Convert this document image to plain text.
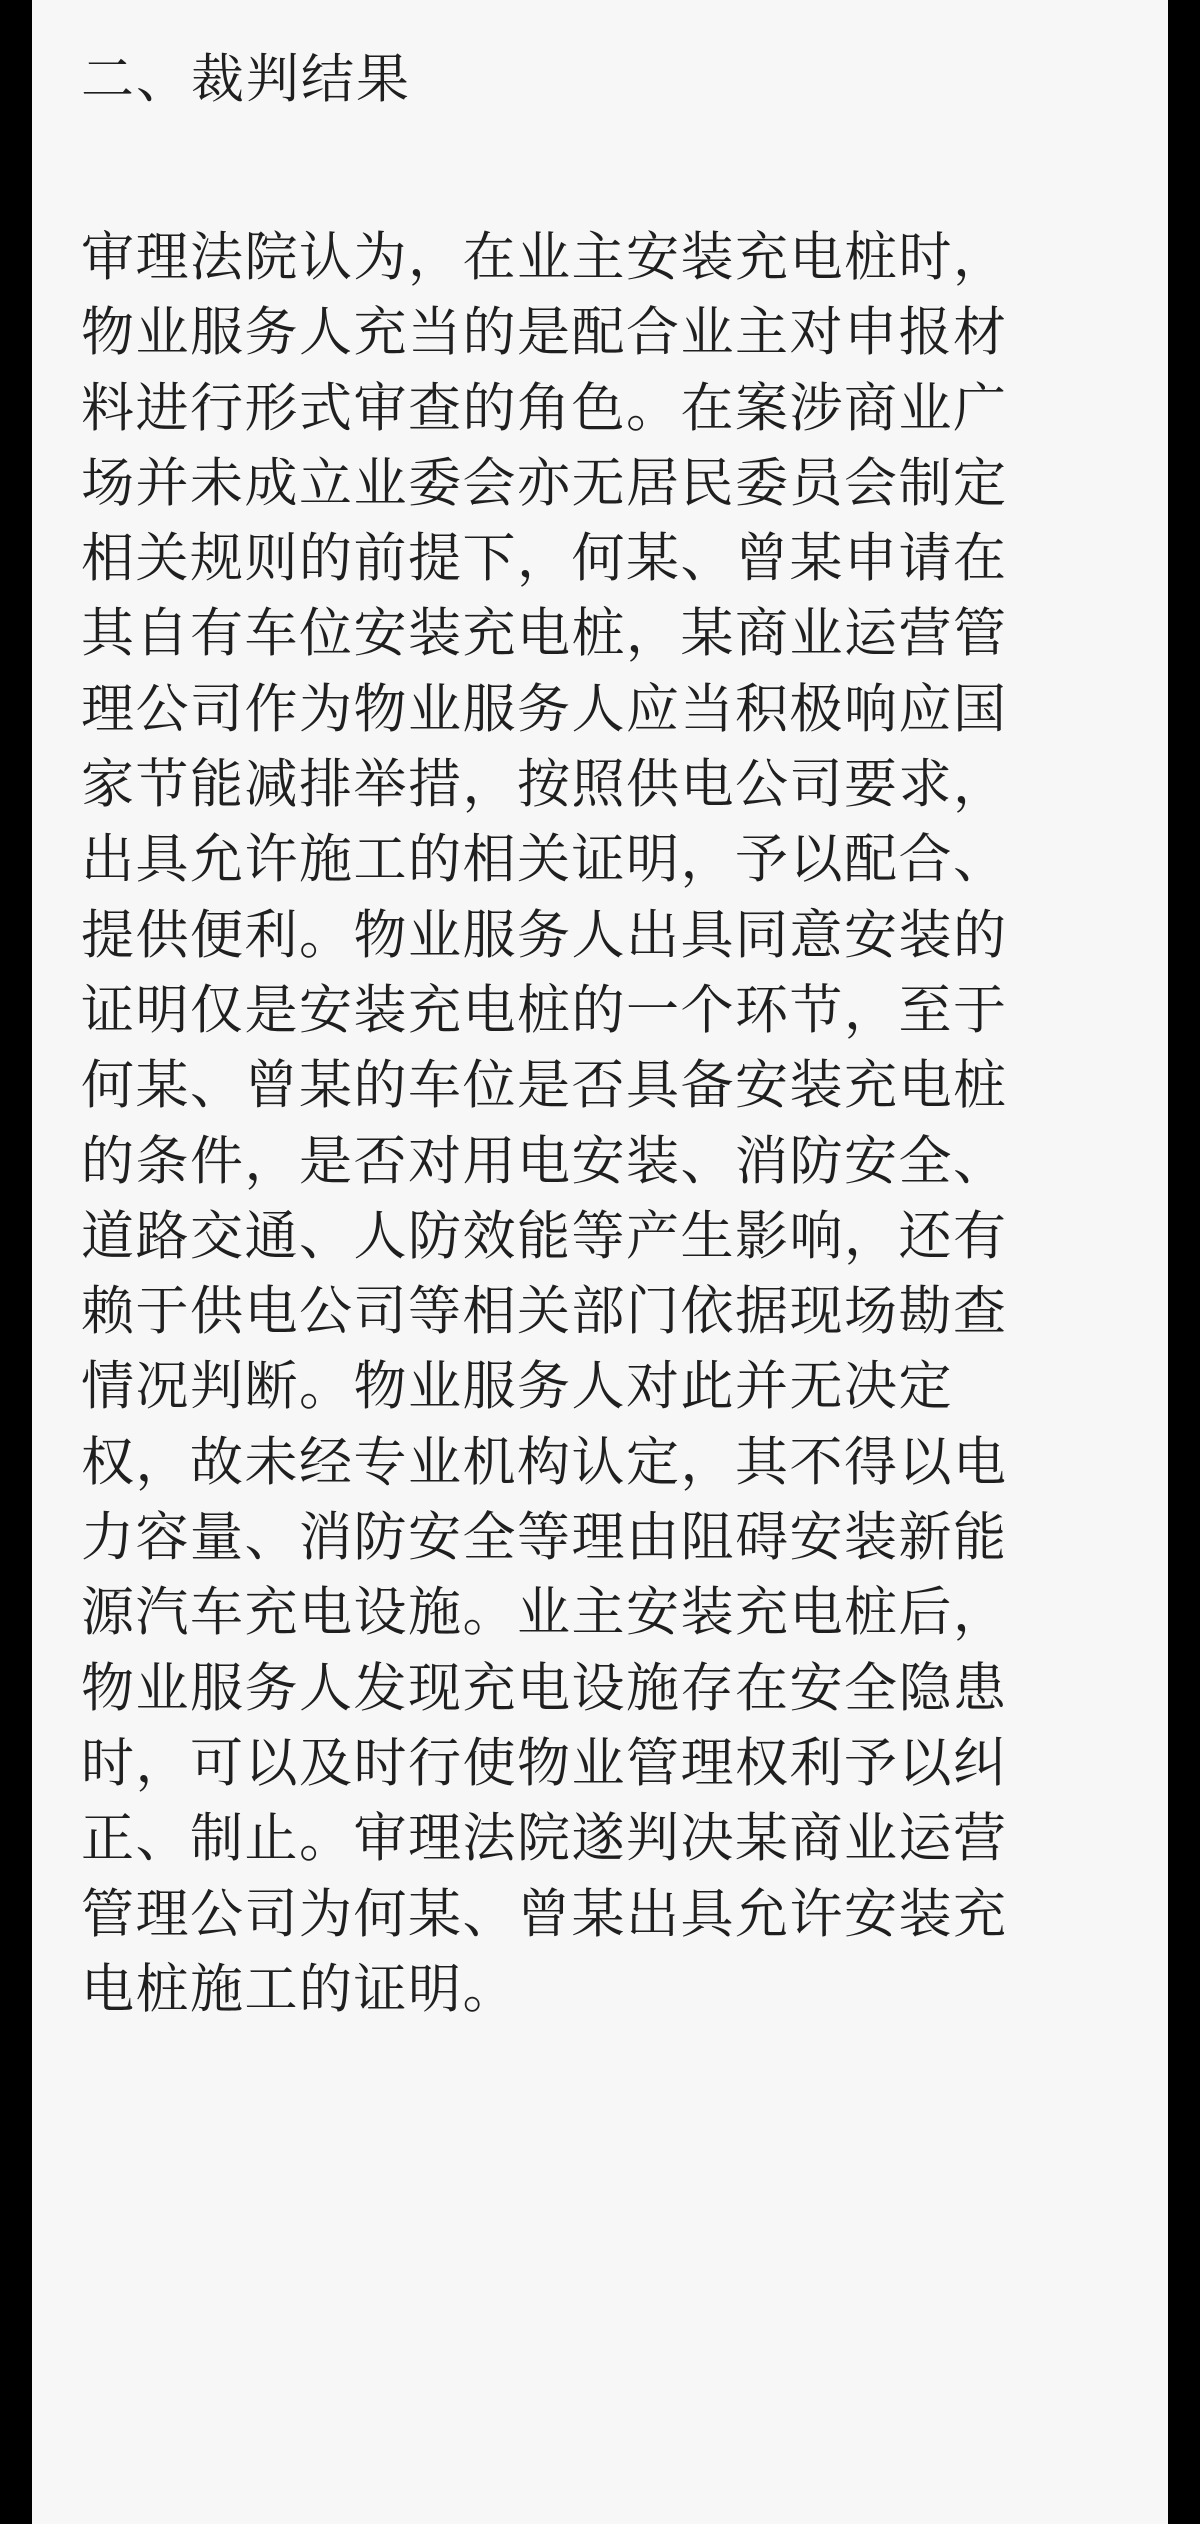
二、裁判结果
审理法院认为，在业主安装充电桩时，
物业服务人充当的是配合业主对申报材
料进行形式审查的角色。在案涉商业广
场并未成立业委会亦无居民委员会制定
相关规则的前提下，何某、曾某申请在
其自有车位安装充电桩，某商业运营管
理公司作为物业服务人应当积极响应国
家节能减排举措，按照供电公司要求，
出具允许施工的相关证明，予以配合、
提供便利。物业服务人出具同意安装的
证明仅是安装充电桩的一个环节，至于
何某、曾某的车位是否具备安装充电桩
的条件，是否对用电安装、消防安全、
道路交通、人防效能等产生影响，还有
赖于供电公司等相关部门依据现场勘查
情况判断。物业服务人对此并无决定
权，故未经专业机构认定，其不得以电
力容量、消防安全等理由阻碍安装新能
源汽车充电设施。业主安装充电桩后，
物业服务人发现充电设施存在安全隐患
时，可以及时行使物业管理权利予以纠
正、制止。审理法院遂判决某商业运营
管理公司为何某、曾某出具允许安装充
电桩施工的证明。
